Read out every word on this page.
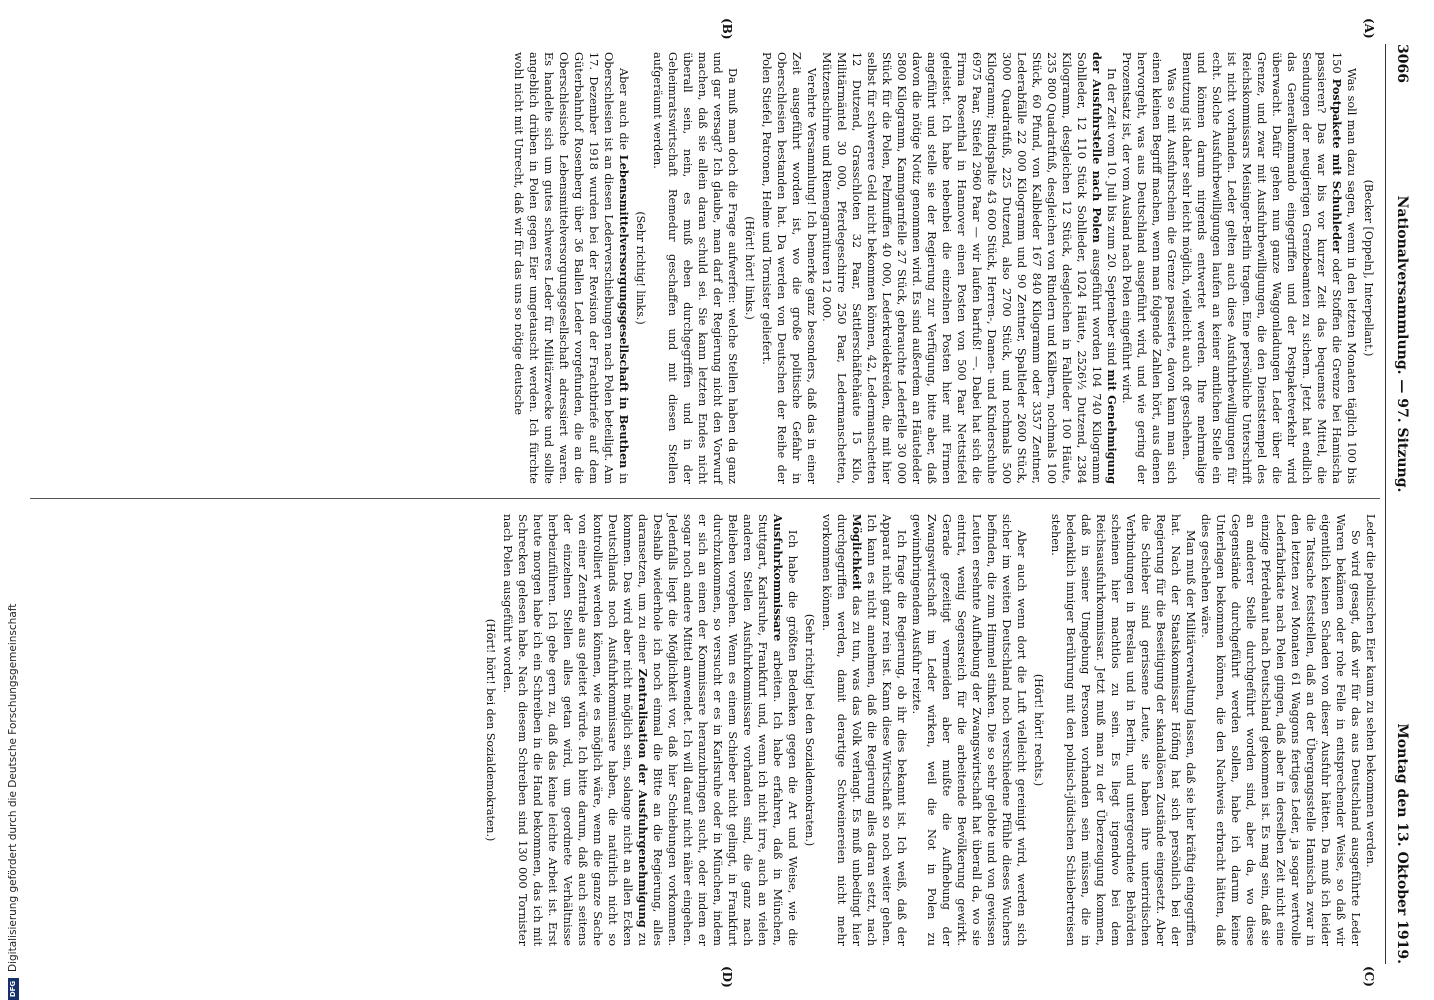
DFG
Digitalisierung gefördert durch die Deutsche Forschungsgemeinschaft
3066
Nationalversammlung. — 97. Sitzung.
Montag den 13. Oktober 1919.
(A)
(B)
(C)
(D)

(Becker [Oppeln], Interpellant.)

Was soll man dazu sagen, wenn in den letzten Monaten täglich 100 bis 150 Postpakete mit Schuhleder oder Stoffen die Grenze bei Hamischa passieren? Das war bis vor kurzer Zeit das bequemste Mittel, die Sendungen der neugierigen Grenzbeamten zu sichern. Jetzt hat endlich das Generalkommando eingegriffen und der Postpaketverkehr wird überwacht. Dafür gehen nun ganze Waggonladungen Leder über die Grenze, und zwar mit Ausfuhrbewilligungen, die den Dienststempel des Reichskommissars Meisinger-Berlin tragen. Eine persönliche Unterschrift ist nicht vorhanden. Leder gelten auch diese Ausfuhrbewilligungen für echt. Solche Ausfuhrbewilligungen laufen an keiner amtlichen Stelle ein und können darum nirgends entwertet werden. Ihre mehrmalige Benutzung ist daher sehr leicht möglich, vielleicht auch oft geschehen.

Was so mit Ausfuhrschein die Grenze passierte, davon kann man sich einen kleinen Begriff machen, wenn man folgende Zahlen hört, aus denen hervorgeht, was aus Deutschland ausgeführt wird, und wie gering der Prozentsatz ist, der vom Ausland nach Polen eingeführt wird.

In der Zeit vom 10. Juli bis zum 20. September sind mit Genehmigung der Ausfuhrstelle nach Polen ausgeführt worden 104 740 Kilogramm Sohlleder, 12 110 Stück Sohlleder, 1024 Häute, 2526½ Dutzend, 2384 Kilogramm, desgleichen 12 Stück, desgleichen in Fahlleder 100 Häute, 235 800 Quadratfuß, desgleichen von Rindern und Kälbern, nochmals 100 Stück, 60 Pfund, von Kalbleder 167 840 Kilogramm oder 3357 Zentner, Lederabfälle 22 000 Kilogramm und 90 Zentner, Spaltleder 2600 Stück, 3000 Quadratfuß, 225 Dutzend, also 2700 Stück, und nochmals 500 Kilogramm; Rindspalte 43 600 Stück, Herren-, Damen- und Kinderschuhe 6975 Paar, Stiefel 2960 Paar — wir laufen barfuß! —. Dabei hat sich die Firma Rosenthal in Hannover einen Posten von 500 Paar Nettstiefel geleistet. Ich habe nebenbei die einzelnen Posten hier mit Firmen angeführt und stelle sie der Regierung zur Verfügung, bitte aber, daß davon die nötige Notiz genommen wird. Es sind außerdem an Häuteleder 5800 Kilogramm, Kammgarnfelle 27 Stück, gebrauchte Lederfelle 30 000 Stück für die Polen, Pelzmuffen 40 000, Lederkreidekreiden, die mit hier selbst für schwerere Geld nicht bekommen können, 42, Ledermanschetten 12 Dutzend, Grasschloten 32 Paar, Sattlerschäftehäute 15 Kilo, Militärmäntel 30 000, Pferdegeschirre 250 Paar, Ledermanschetten, Mützenschirme und Riemengarnituren 12 000.

Verehrte Versammlung! Ich bemerke ganz besonders, daß das in einer Zeit ausgeführt worden ist, wo die große politische Gefahr in Oberschlesien bestanden hat. Da werden von Deutschen der Reihe der Polen Stiefel, Patronen, Helme und Tornister geliefert.

(Hört! hört! links.)

Da muß man doch die Frage aufwerfen: welche Stellen haben da ganz und gar versagt? Ich glaube, man darf der Regierung nicht den Vorwurf machen, daß sie allein daran schuld sei. Sie kann letzten Endes nicht überall sein, nein, es muß eben durchgegriffen und in der Geheimratswirtschaft Remedur geschaffen und mit diesen Stellen aufgeräumt werden.

(Sehr richtig! links.)

Aber auch die Lebensmittelversorgungsgesellschaft in Beuthen in Oberschlesien ist an diesen Lederverschiebungen nach Polen beteiligt. Am 17. Dezember 1918 wurden bei der Revision der Frachtbriefe auf dem Güterbahnhof Rosenberg über 36 Ballen Leder vorgefunden, die an die Oberschlesische Lebensmittelversorgungsgesellschaft adressiert waren. Es handelte sich um gutes schweres Leder für Militärzwecke und sollte angeblich drüben in Polen gegen Eier umgetauscht werden. Ich fürchte wohl nicht mit Unrecht, daß wir für das uns so nötige deutsche

Leder die polnischen Eier kaum zu sehen bekommen werden.

So wird gesagt, daß wir für das aus Deutschland ausgeführte Leder Waren bekämen oder rohe Felle in entsprechender Weise, so daß wir eigentlich keinen Schaden von dieser Ausfuhr hätten. Da muß ich leider die Tatsache feststellen, daß an der Übergangsstelle Hamischa zwar in den letzten zwei Monaten 61 Waggons fertiges Leder, ja sogar wertvolle Lederfabrikate nach Polen gingen, daß aber in derselben Zeit nicht eine einzige Pferdehaut nach Deutschland gekommen ist. Es mag sein, daß sie an anderer Stelle durchgeführt worden sind, aber da, wo diese Gegenstände durchgeführt werden sollen, habe ich darum keine Unterlagen bekommen können, die den Nachweis erbracht hätten, daß dies geschehen wäre.

Man muß der Militärverwaltung lassen, daß sie hier kräftig eingegriffen hat. Nach der Staatskommissar Höfing hat sich persönlich bei der Regierung für die Beseitigung der skandalösen Zustände eingesetzt. Aber die Schieber sind gerissene Leute, sie haben ihre unterirdischen Verbindungen in Breslau und in Berlin, und untergeordnete Behörden scheinen hier machtlos zu sein. Es liegt irgendwo bei dem Reichsausfuhrkommissar. Jetzt muß man zu der Überzeugung kommen, daß in seiner Umgebung Personen vorhanden sein müssen, die in bedenklich inniger Berührung mit den polnisch-jüdischen Schiebertreisen stehen.

(Hört! hört! rechts.)

Aber auch wenn dort die Luft vielleicht gereinigt wird, werden sich sicher im weiten Deutschland noch verschiedene Pfühle dieses Wuchers befinden, die zum Himmel stinken. Die so sehr gelobte und von gewissen Leuten ersehnte Aufhebung der Zwangswirtschaft hat überall da, wo sie eintrat, wenig Segensreich für die arbeitende Bevölkerung gewirkt. Gerade gezeitigt vermeiden aber mußte die Aufhebung der Zwangswirtschaft im Leder wirken, weil die Not in Polen zu gewinnbringendem Ausfuhr reizte.

Ich frage die Regierung, ob ihr dies bekannt ist. Ich weiß, daß der Apparat nicht ganz rein ist. Kann diese Wirtschaft so noch weiter gehen. Ich kann es nicht annehmen, daß die Regierung alles daran setzt, nach Möglichkeit das zu tun, was das Volk verlangt. Es muß unbedingt hier durchgegriffen werden, damit derartige Schweinereien nicht mehr vorkommen können.

(Sehr richtig! bei den Sozialdemokraten.)

Ich habe die größten Bedenken gegen die Art und Weise, wie die Ausfuhrkommissare arbeiten. Ich habe erfahren, daß in München, Stuttgart, Karlsruhe, Frankfurt und, wenn ich nicht irre, auch an vielen anderen Stellen Ausfuhrkommissare vorhanden sind, die ganz nach Belieben vorgehen. Wenn es einem Schieber nicht gelingt, in Frankfurt durchzukommen, so versucht er es in Karlsruhe oder in München, indem er sich an einen der Kommissare heranzubringen sucht, oder indem er sogar noch andere Mittel anwendet. Ich will darauf nicht näher eingehen. Jedenfalls liegt die Möglichkeit vor, daß hier Schiebungen vorkommen. Deshalb wiederhole ich noch einmal die Bitte an die Regierung, alles daransetzen, um zu einer Zentralisation der Ausfuhrgenehmigung zu kommen. Das wird aber nicht möglich sein, solange nicht an allen Ecken Deutschlands noch Ausfuhrkommissare haben, die natürlich nicht so kontrolliert werden können, wie es möglich wäre, wenn die ganze Sache von einer Zentrale aus geleitet würde. Ich bitte darum, daß auch seitens der einzelnen Stellen alles getan wird, um geordnete Verhältnisse herbeizuführen. Ich gebe gern zu, daß das keine leichte Arbeit ist. Erst heute morgen habe ich ein Schreiben in die Hand bekommen, das ich mit Schrecken gelesen habe. Nach diesem Schreiben sind 130 000 Tornister nach Polen ausgeführt worden.

(Hört! hört! bei den Sozialdemokraten.)
